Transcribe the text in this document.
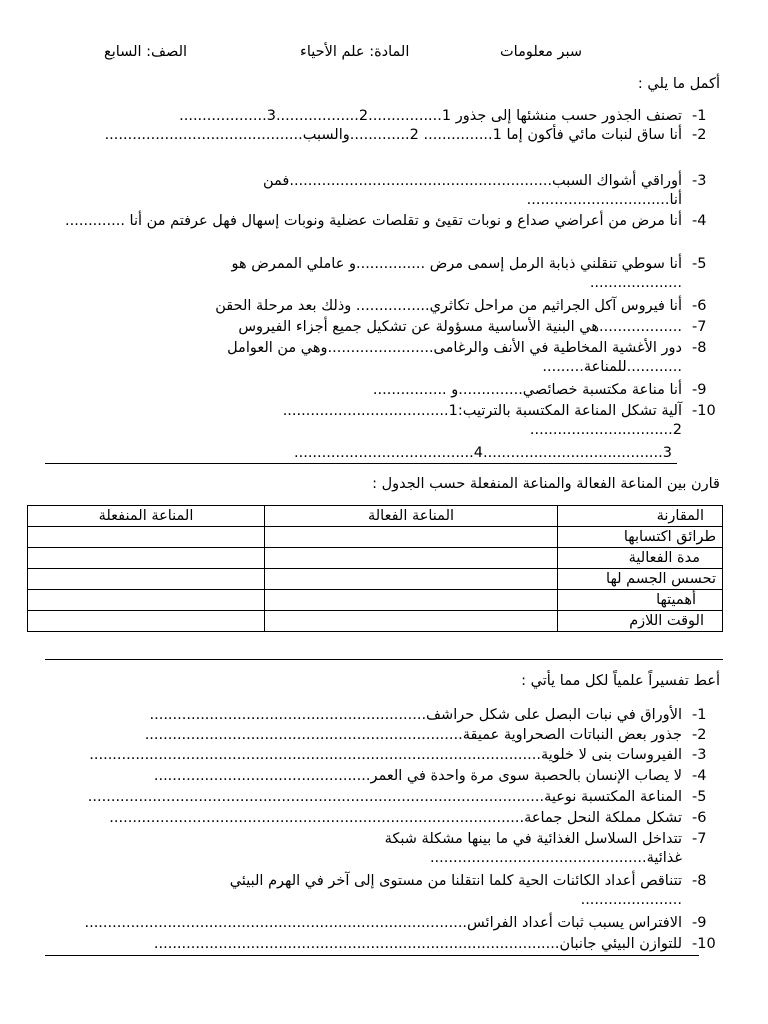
سبر معلومات
المادة: علم الأحياء
الصف: السابع
أكمل ما يلي :
-1
تصنف الجذور حسب منشئها إلى جذور 1................2..................3...................
-2
أنا ساق لنبات مائي فأكون إما 1............... 2.............والسبب...........................................
-3
أوراقي أشواك السبب.........................................................فمن أنا...............................
-4
أنا مرض من أعراضي صداع و نوبات تقيئ و تقلصات عضلية ونوبات إسهال فهل عرفتم من أنا .............
-5
أنا سوطي تنقلني ذبابة الرمل إسمى مرض ...............و عاملي الممرض هو ....................
-6
أنا فيروس آكل الجراثيم من مراحل تكاثري................ وذلك بعد مرحلة الحقن
-7
..................هي البنية الأساسية مسؤولة عن تشكيل جميع أجزاء الفيروس
-8
دور الأغشية المخاطية في الأنف والرغامى.......................وهي من العوامل ............للمناعة.........
-9
أنا مناعة مكتسبة خصائصي..............و ................
-10
آلية تشكل المناعة المكتسبة بالترتيب:1.................................... 2...............................
3.......................................4.......................................
قارن بين المناعة الفعالة والمناعة المنفعلة حسب الجدول :
المقارنة	المناعة الفعالة	المناعة المنفعلة
طرائق اكتسابها		
مدة الفعالية		
تحسس الجسم لها		
أهميتها		
الوقت اللازم		
أعط تفسيراً علمياً لكل مما يأتي :
-1
الأوراق في نبات البصل على شكل حراشف............................................................
-2
جذور بعض النباتات الصحراوية عميقة.....................................................................
-3
الفيروسات بنى لا خلوية..................................................................................................
-4
لا يصاب الإنسان بالحصبة سوى مرة واحدة في العمر...............................................
-5
المناعة المكتسبة نوعية...................................................................................................
-6
تشكل مملكة النحل جماعة..........................................................................................
-7
تتداخل السلاسل الغذائية في ما بينها مشكلة شبكة غذائية...............................................
-8
تتناقص أعداد الكائنات الحية كلما انتقلنا من مستوى إلى آخر في الهرم البيئي ......................
-9
الافتراس يسبب ثبات أعداد الفرائس...................................................................................
-10
للتوازن البيئي جانبان........................................................................................
